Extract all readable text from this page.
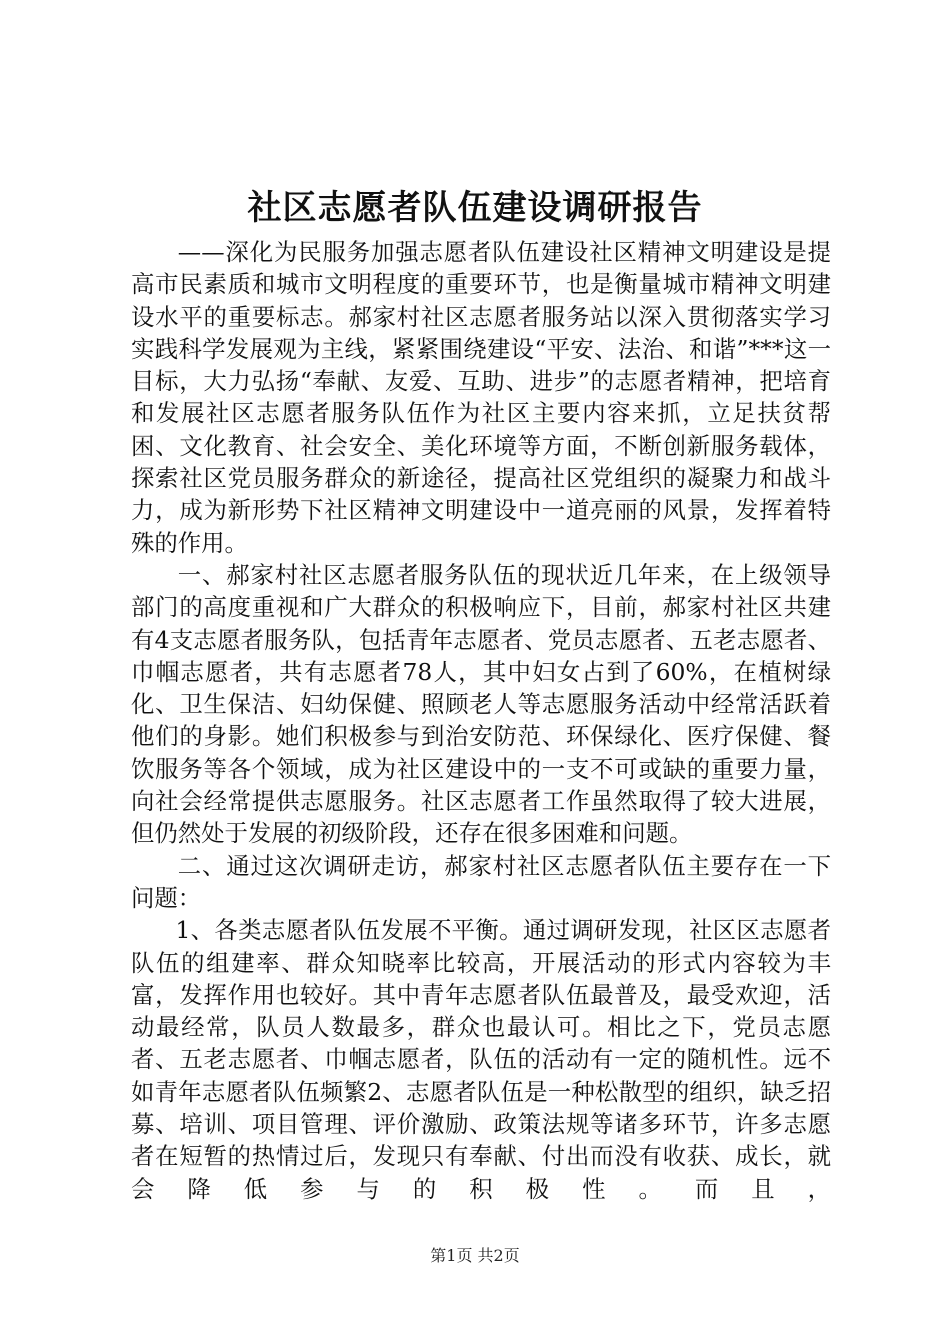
社区志愿者队伍建设调研报告

——深化为民服务加强志愿者队伍建设社区精神文明建设是提高市民素质和城市文明程度的重要环节，也是衡量城市精神文明建设水平的重要标志。郝家村社区志愿者服务站以深入贯彻落实学习实践科学发展观为主线，紧紧围绕建设“平安、法治、和谐”***这一目标，大力弘扬“奉献、友爱、互助、进步”的志愿者精神，把培育和发展社区志愿者服务队伍作为社区主要内容来抓，立足扶贫帮困、文化教育、社会安全、美化环境等方面，不断创新服务载体，探索社区党员服务群众的新途径，提高社区党组织的凝聚力和战斗力，成为新形势下社区精神文明建设中一道亮丽的风景，发挥着特殊的作用。

一、郝家村社区志愿者服务队伍的现状近几年来，在上级领导部门的高度重视和广大群众的积极响应下，目前，郝家村社区共建有4支志愿者服务队，包括青年志愿者、党员志愿者、五老志愿者、巾帼志愿者，共有志愿者78人，其中妇女占到了60%，在植树绿化、卫生保洁、妇幼保健、照顾老人等志愿服务活动中经常活跃着他们的身影。她们积极参与到治安防范、环保绿化、医疗保健、餐饮服务等各个领域，成为社区建设中的一支不可或缺的重要力量，向社会经常提供志愿服务。社区志愿者工作虽然取得了较大进展，但仍然处于发展的初级阶段，还存在很多困难和问题。

二、通过这次调研走访，郝家村社区志愿者队伍主要存在一下问题：

1、各类志愿者队伍发展不平衡。通过调研发现，社区区志愿者队伍的组建率、群众知晓率比较高，开展活动的形式内容较为丰富，发挥作用也较好。其中青年志愿者队伍最普及，最受欢迎，活动最经常，队员人数最多，群众也最认可。相比之下，党员志愿者、五老志愿者、巾帼志愿者，队伍的活动有一定的随机性。远不如青年志愿者队伍频繁2、志愿者队伍是一种松散型的组织，缺乏招募、培训、项目管理、评价激励、政策法规等诸多环节，许多志愿者在短暂的热情过后，发现只有奉献、付出而没有收获、成长，就会降低参与的积极性。而且，

第1页 共2页
